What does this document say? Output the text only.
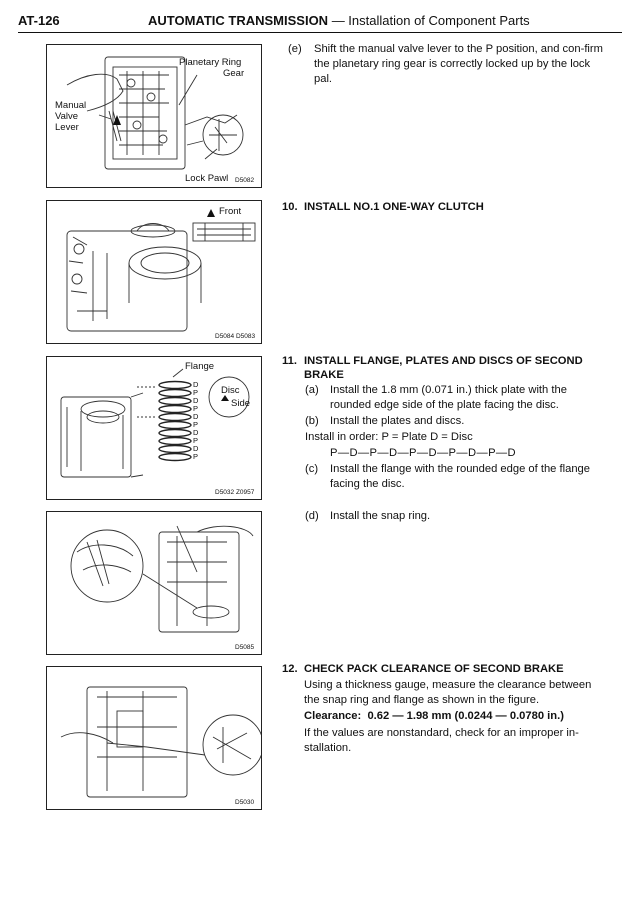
AT-126	AUTOMATIC TRANSMISSION — Installation of Component Parts
Planetary Ring
Gear
Manual
Valve
Lever
Lock Pawl D5082
Front
D5084 D5083
Flange
D
P
D
P
D
P
D
P
D
P
Disc
Side
D5032 Z0957
D5085
D5030
(e) Shift the manual valve lever to the P position, and con-firm the planetary ring gear is correctly locked up by the lock pal.
10. INSTALL NO.1 ONE-WAY CLUTCH
11. INSTALL FLANGE, PLATES AND DISCS OF SECOND
BRAKE
(a) Install the 1.8 mm (0.071 in.) thick plate with the rounded edge side of the plate facing the disc.
(b) Install the plates and discs.
Install in order: P = Plate D = Disc
P—D—P—D—P—D—P—D—P—D
(c) Install the flange with the rounded edge of the flange facing the disc.
(d) Install the snap ring.
12. CHECK PACK CLEARANCE OF SECOND BRAKE
Using a thickness gauge, measure the clearance between the snap ring and flange as shown in the figure.
Clearance: 0.62 — 1.98 mm (0.0244 — 0.0780 in.)
If the values are nonstandard, check for an improper in-stallation.
